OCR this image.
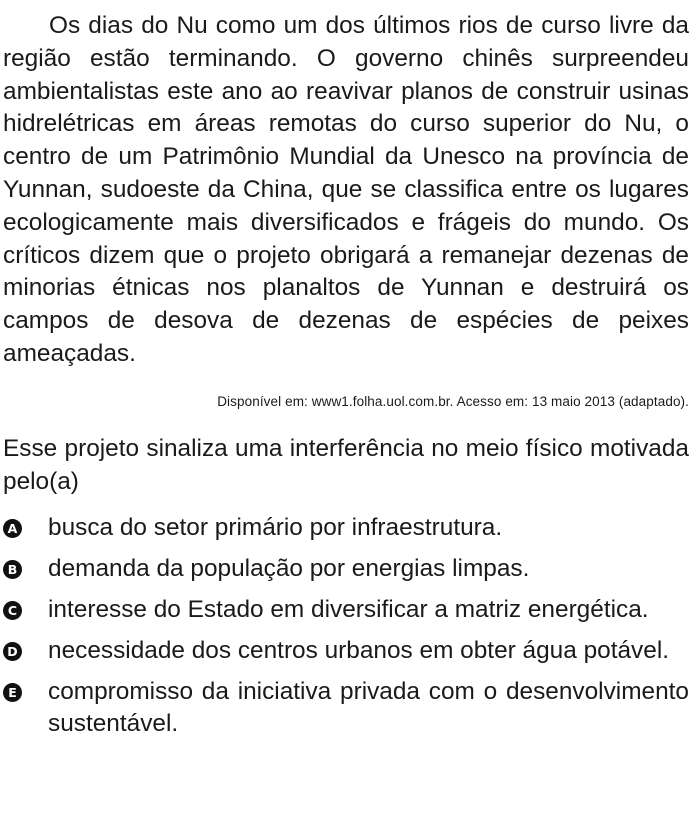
Os dias do Nu como um dos últimos rios de curso livre da região estão terminando. O governo chinês surpreendeu ambientalistas este ano ao reavivar planos de construir usinas hidrelétricas em áreas remotas do curso superior do Nu, o centro de um Patrimônio Mundial da Unesco na província de Yunnan, sudoeste da China, que se classifica entre os lugares ecologicamente mais diversificados e frágeis do mundo. Os críticos dizem que o projeto obrigará a remanejar dezenas de minorias étnicas nos planaltos de Yunnan e destruirá os campos de desova de dezenas de espécies de peixes ameaçadas.

Disponível em: www1.folha.uol.com.br. Acesso em: 13 maio 2013 (adaptado).

Esse projeto sinaliza uma interferência no meio físico motivada pelo(a)

A busca do setor primário por infraestrutura.
B demanda da população por energias limpas.
C interesse do Estado em diversificar a matriz energética.
D necessidade dos centros urbanos em obter água potável.
E compromisso da iniciativa privada com o desenvolvimento sustentável.
